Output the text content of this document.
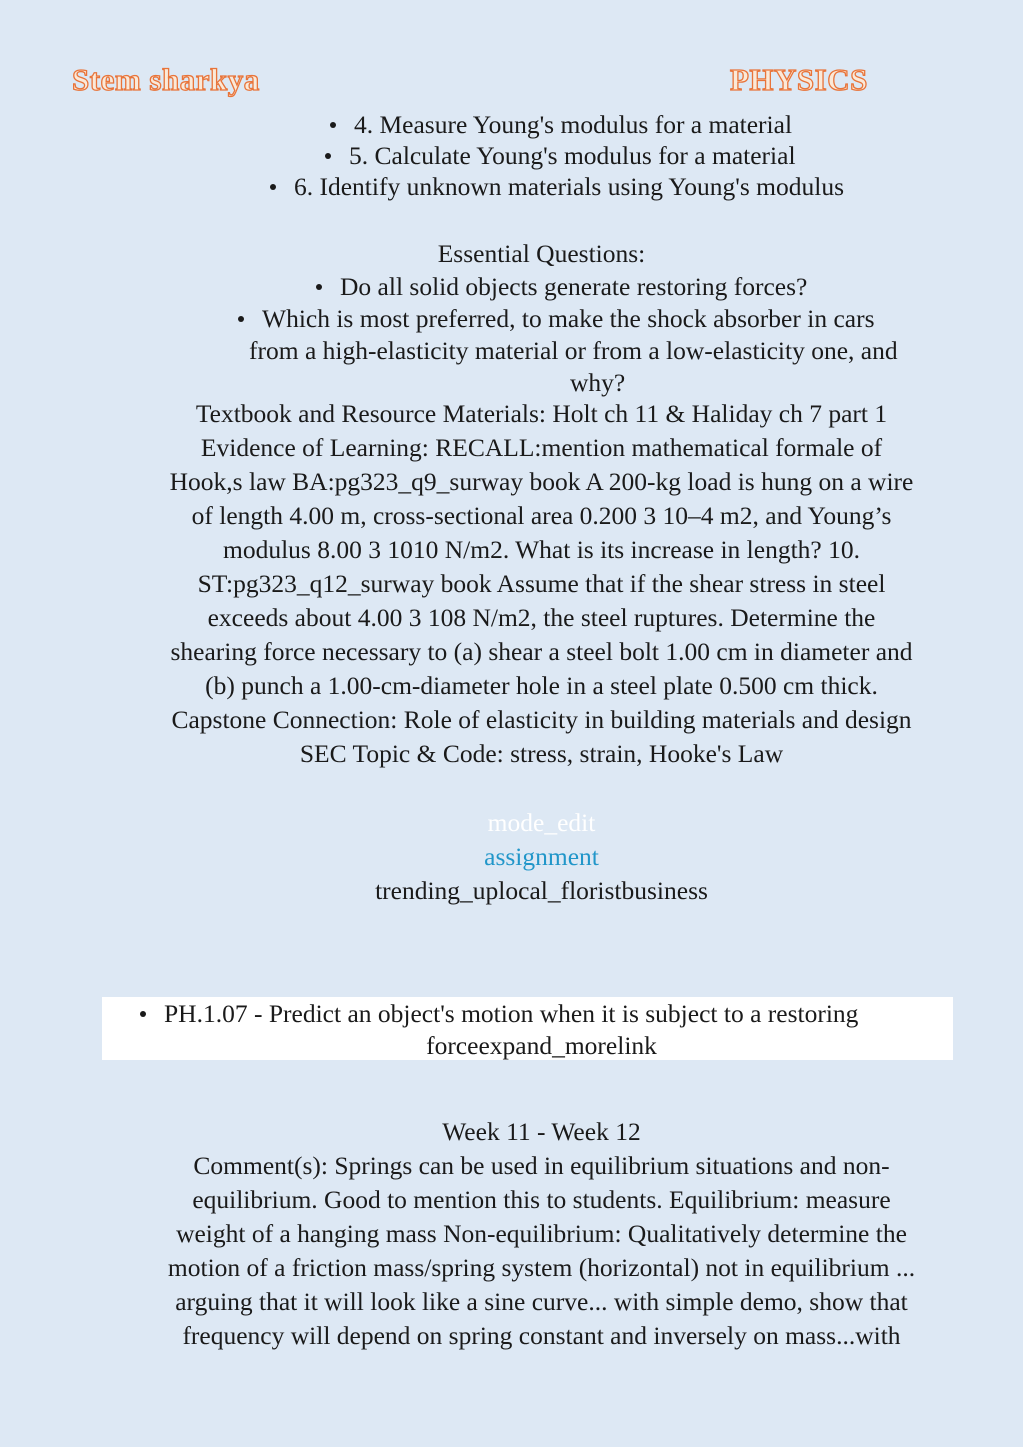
Stem sharkya	PHYSICS
4. Measure Young's modulus for a material
5. Calculate Young's modulus for a material
6. Identify unknown materials using Young's modulus
Essential Questions:
Do all solid objects generate restoring forces?
Which is most preferred, to make the shock absorber in cars
from a high-elasticity material or from a low-elasticity one, and
why?
Textbook and Resource Materials: Holt ch 11 & Haliday ch 7 part 1
Evidence of Learning: RECALL:mention mathematical formale of
Hook,s law BA:pg323_q9_surway book A 200-kg load is hung on a wire
of length 4.00 m, cross-sectional area 0.200 3 10–4 m2, and Young’s
modulus 8.00 3 1010 N/m2. What is its increase in length? 10.
ST:pg323_q12_surway book Assume that if the shear stress in steel
exceeds about 4.00 3 108 N/m2, the steel ruptures. Determine the
shearing force necessary to (a) shear a steel bolt 1.00 cm in diameter and
(b) punch a 1.00-cm-diameter hole in a steel plate 0.500 cm thick.
Capstone Connection: Role of elasticity in building materials and design
SEC Topic & Code: stress, strain, Hooke's Law
mode_edit
assignment
trending_uplocal_floristbusiness
PH.1.07 - Predict an object's motion when it is subject to a restoring
forceexpand_morelink
Week 11 - Week 12
Comment(s): Springs can be used in equilibrium situations and non-
equilibrium. Good to mention this to students. Equilibrium: measure
weight of a hanging mass Non-equilibrium: Qualitatively determine the
motion of a friction mass/spring system (horizontal) not in equilibrium ...
arguing that it will look like a sine curve... with simple demo, show that
frequency will depend on spring constant and inversely on mass...with
